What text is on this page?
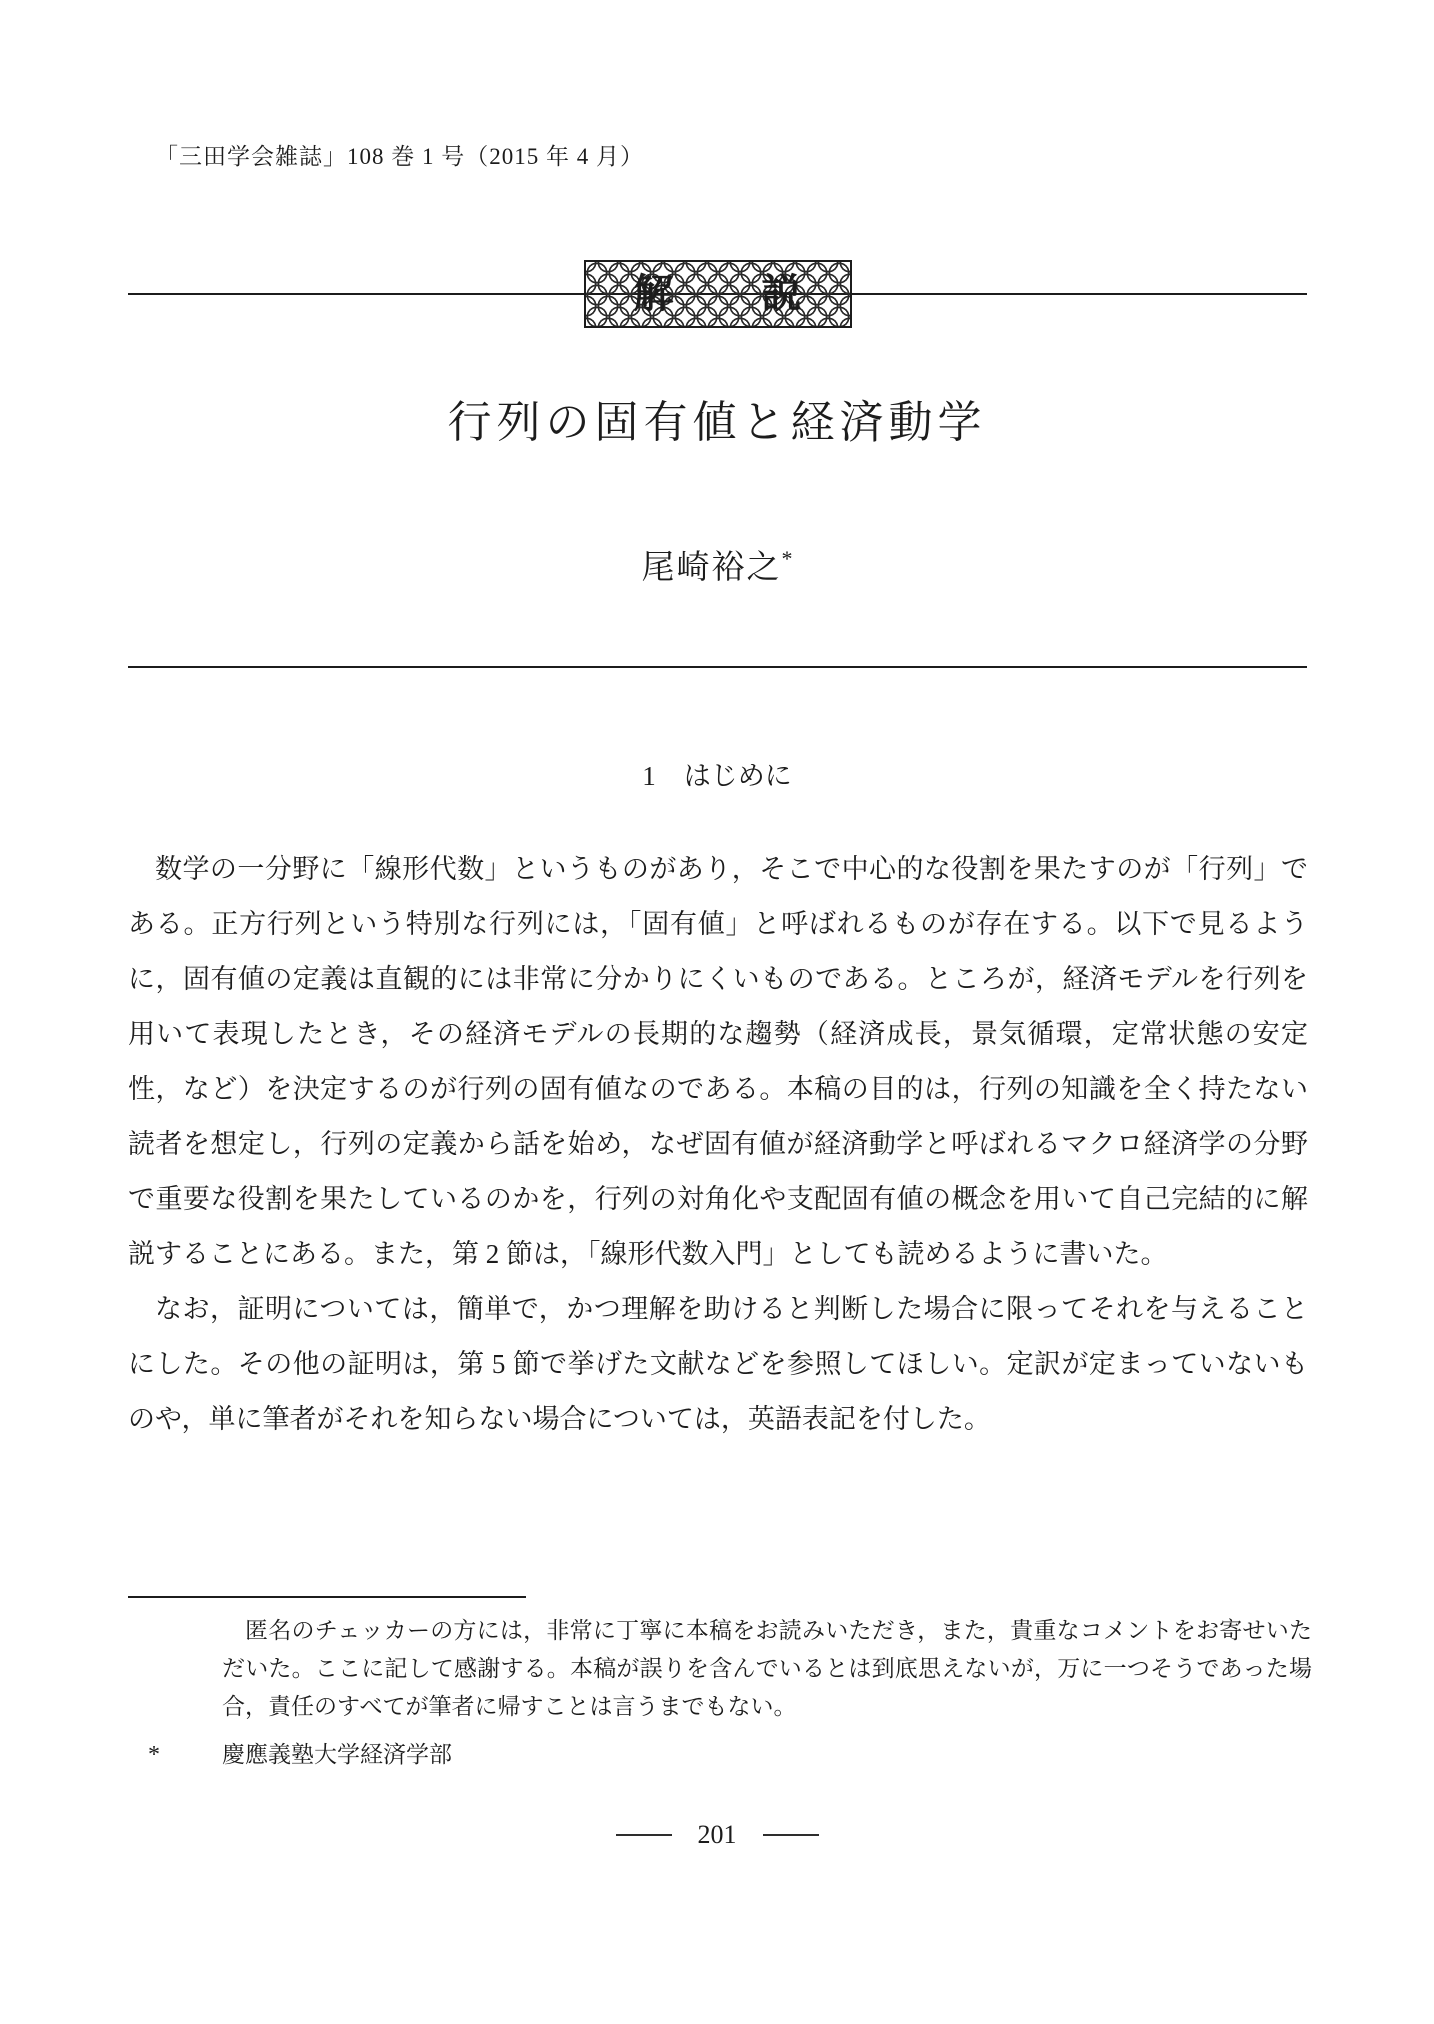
「三田学会雑誌」108 巻 1 号（2015 年 4 月）
解 説
行列の固有値と経済動学
尾崎裕之*
1 はじめに

数学の一分野に「線形代数」というものがあり，そこで中心的な役割を果たすのが「行列」である。正方行列という特別な行列には，「固有値」と呼ばれるものが存在する。以下で見るように，固有値の定義は直観的には非常に分かりにくいものである。ところが，経済モデルを行列を用いて表現したとき，その経済モデルの長期的な趨勢（経済成長，景気循環，定常状態の安定性，など）を決定するのが行列の固有値なのである。本稿の目的は，行列の知識を全く持たない読者を想定し，行列の定義から話を始め，なぜ固有値が経済動学と呼ばれるマクロ経済学の分野で重要な役割を果たしているのかを，行列の対角化や支配固有値の概念を用いて自己完結的に解説することにある。また，第 2 節は，「線形代数入門」としても読めるように書いた。

なお，証明については，簡単で，かつ理解を助けると判断した場合に限ってそれを与えることにした。その他の証明は，第 5 節で挙げた文献などを参照してほしい。定訳が定まっていないものや，単に筆者がそれを知らない場合については，英語表記を付した。

匿名のチェッカーの方には，非常に丁寧に本稿をお読みいただき，また，貴重なコメントをお寄せいただいた。ここに記して感謝する。本稿が誤りを含んでいるとは到底思えないが，万に一つそうであった場合，責任のすべてが筆者に帰すことは言うまでもない。

*	慶應義塾大学経済学部
201
